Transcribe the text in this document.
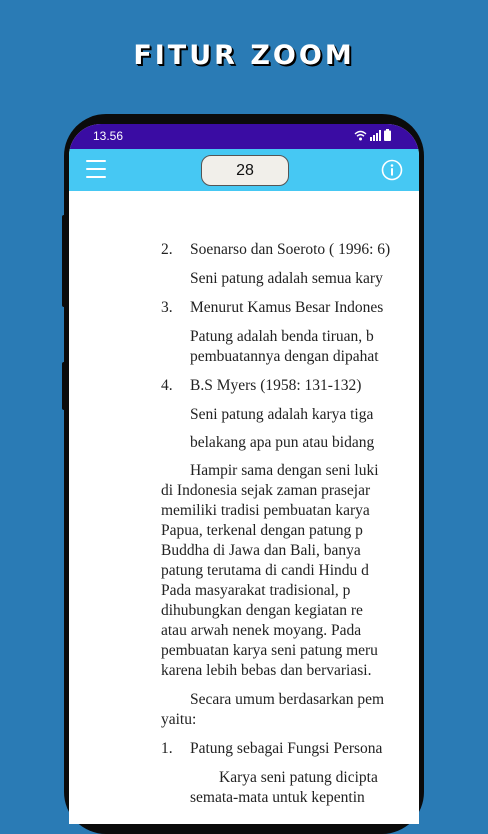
FITUR ZOOM
13.56
28
2. Soenarso dan Soeroto ( 1996: 6)
Seni patung adalah semua kary
3. Menurut Kamus Besar Indones
Patung adalah benda tiruan, b
pembuatannya dengan dipahat
4. B.S Myers (1958: 131-132)
Seni patung adalah karya tiga
belakang apa pun atau bidang
Hampir sama dengan seni luki
di Indonesia sejak zaman prasejar
memiliki tradisi pembuatan karya
Papua, terkenal dengan patung p
Buddha di Jawa dan Bali, banya
patung terutama di candi Hindu d
Pada masyarakat tradisional, p
dihubungkan dengan kegiatan re
atau arwah nenek moyang. Pada
pembuatan karya seni patung meru
karena lebih bebas dan bervariasi.
Secara umum berdasarkan pem
yaitu:
1. Patung sebagai Fungsi Persona
Karya seni patung dicipta
semata-mata untuk kepentin
